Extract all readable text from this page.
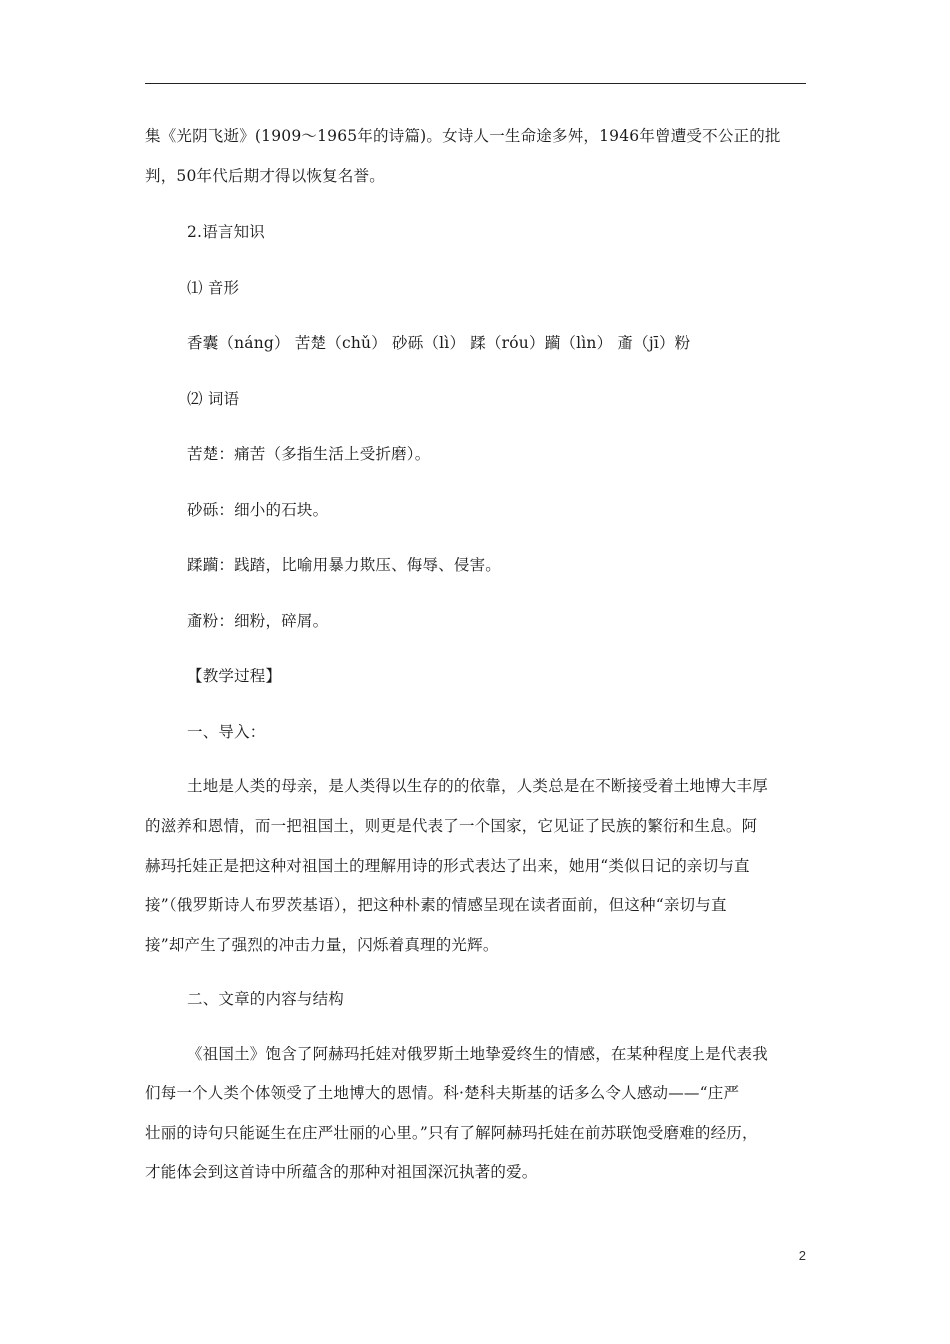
集《光阴飞逝》(1909～1965年的诗篇)。女诗人一生命途多舛，1946年曾遭受不公正的批
判，50年代后期才得以恢复名誉。
2.语言知识
⑴ 音形
香囊（náng） 苦楚（chǔ） 砂砾（lì） 蹂（róu）躏（lìn） 齑（jī）粉
⑵ 词语
苦楚：痛苦（多指生活上受折磨）。
砂砾：细小的石块。
蹂躏：践踏，比喻用暴力欺压、侮辱、侵害。
齑粉：细粉，碎屑。
【教学过程】
一、导入：
土地是人类的母亲，是人类得以生存的的依靠，人类总是在不断接受着土地博大丰厚
的滋养和恩情，而一把祖国土，则更是代表了一个国家，它见证了民族的繁衍和生息。阿
赫玛托娃正是把这种对祖国土的理解用诗的形式表达了出来，她用“类似日记的亲切与直
接”（俄罗斯诗人布罗茨基语），把这种朴素的情感呈现在读者面前，但这种“亲切与直
接”却产生了强烈的冲击力量，闪烁着真理的光辉。
二、文章的内容与结构
《祖国土》饱含了阿赫玛托娃对俄罗斯土地挚爱终生的情感，在某种程度上是代表我
们每一个人类个体领受了土地博大的恩情。科·楚科夫斯基的话多么令人感动——“庄严
壮丽的诗句只能诞生在庄严壮丽的心里。”只有了解阿赫玛托娃在前苏联饱受磨难的经历，
才能体会到这首诗中所蕴含的那种对祖国深沉执著的爱。
2
